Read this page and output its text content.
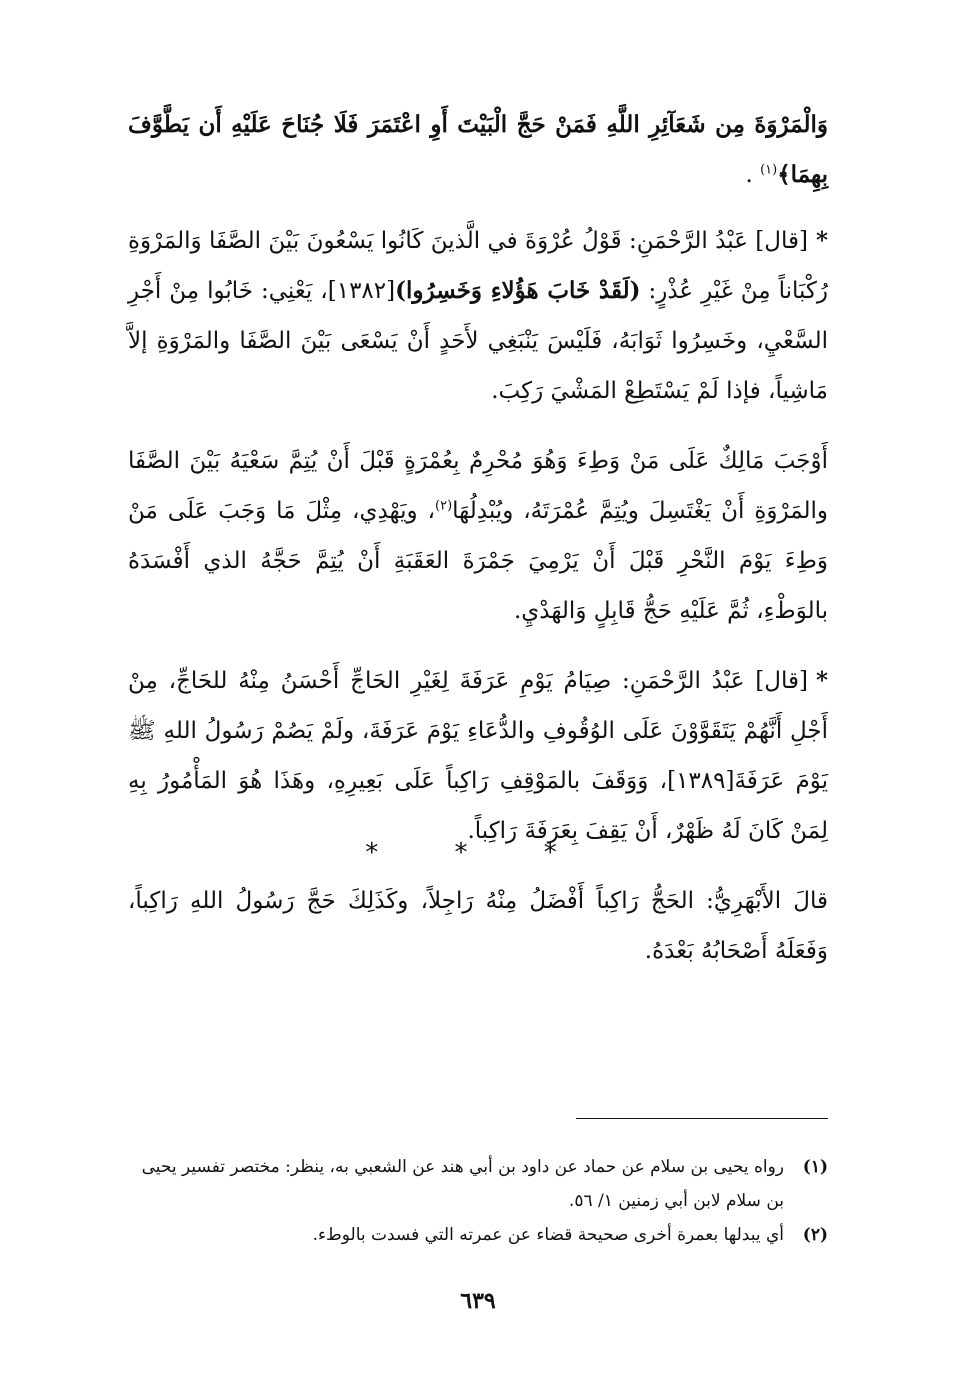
وَالْمَرْوَةَ مِن شَعَآئِرِ اللَّهِ فَمَنْ حَجَّ الْبَيْتَ أَوِ اعْتَمَرَ فَلَا جُنَاحَ عَلَيْهِ أَن يَطَّوَّفَ بِهِمَا﴾$^{(١)}$ .

*[قال] عَبْدُ الرَّحْمَنِ: قَوْلُ عُرْوَةَ في الَّذينَ كَانُوا يَسْعُونَ بَيْنَ الصَّفَا وَالمَرْوَةِ رُكْبَاناً مِنْ غَيْرِ عُذْرٍ: (لَقَدْ خَابَ هَؤُلاءِ وَخَسِرُوا)[١٣٨٢]، يَعْنِي: خَابُوا مِنْ أَجْرِ السَّعْيِ، وخَسِرُوا ثَوَابَهُ، فَلَيْسَ يَنْبَغِي لأَحَدٍ أَنْ يَسْعَى بَيْنَ الصَّفَا والمَرْوَةِ إلاَّ مَاشِياً، فإذا لَمْ يَسْتَطِعْ المَشْيَ رَكِبَ.

أَوْجَبَ مَالِكٌ عَلَى مَنْ وَطِءَ وَهُوَ مُحْرِمٌ بِعُمْرَةٍ قَبْلَ أَنْ يُتِمَّ سَعْيَهُ بَيْنَ الصَّفَا والمَرْوَةِ أَنْ يَغْتَسِلَ ويُتِمَّ عُمْرَتَهُ، ويُبْدِلُهَا$^{(٢)}$، ويَهْدِي، مِثْلَ مَا وَجَبَ عَلَى مَنْ وَطِءَ يَوْمَ النَّحْرِ قَبْلَ أَنْ يَرْمِيَ جَمْرَةَ العَقَبَةِ أَنْ يُتِمَّ حَجَّهُ الذي أَفْسَدَهُ بالوَطْءِ، ثُمَّ عَلَيْهِ حَجُّ قَابِلٍ وَالهَدْيِ.

*[قال] عَبْدُ الرَّحْمَنِ: صِيَامُ يَوْمِ عَرَفَةَ لِغَيْرِ الحَاجِّ أَحْسَنُ مِنْهُ للحَاجِّ، مِنْ أَجْلِ أَنَّهُمْ يَتَقَوَّوْنَ عَلَى الوُقُوفِ والدُّعَاءِ يَوْمَ عَرَفَةَ، ولَمْ يَصُمْ رَسُولُ اللهِ ﷺ يَوْمَ عَرَفَةَ[١٣٨٩]، وَوَقَفَ بالمَوْقِفِ رَاكِباً عَلَى بَعِيرِهِ، وهَذَا هُوَ المَأْمُورُ بِهِ لِمَنْ كَانَ لَهُ ظَهْرٌ، أَنْ يَقِفَ بِعَرَفَةَ رَاكِباً.

قالَ الأَبْهَرِيُّ: الحَجُّ رَاكِباً أَفْضَلُ مِنْهُ رَاجِلاً، وكَذَلِكَ حَجَّ رَسُولُ اللهِ رَاكِباً، وَفَعَلَهُ أَصْحَابُهُ بَعْدَهُ.

* * *
(١)
رواه يحيى بن سلام عن حماد عن داود بن أبي هند عن الشعبي به، ينظر: مختصر تفسير يحيى بن سلام لابن أبي زمنين ١/ ٥٦.
(٢)
أي يبدلها بعمرة أخرى صحيحة قضاء عن عمرته التي فسدت بالوطء.
٦٣٩
